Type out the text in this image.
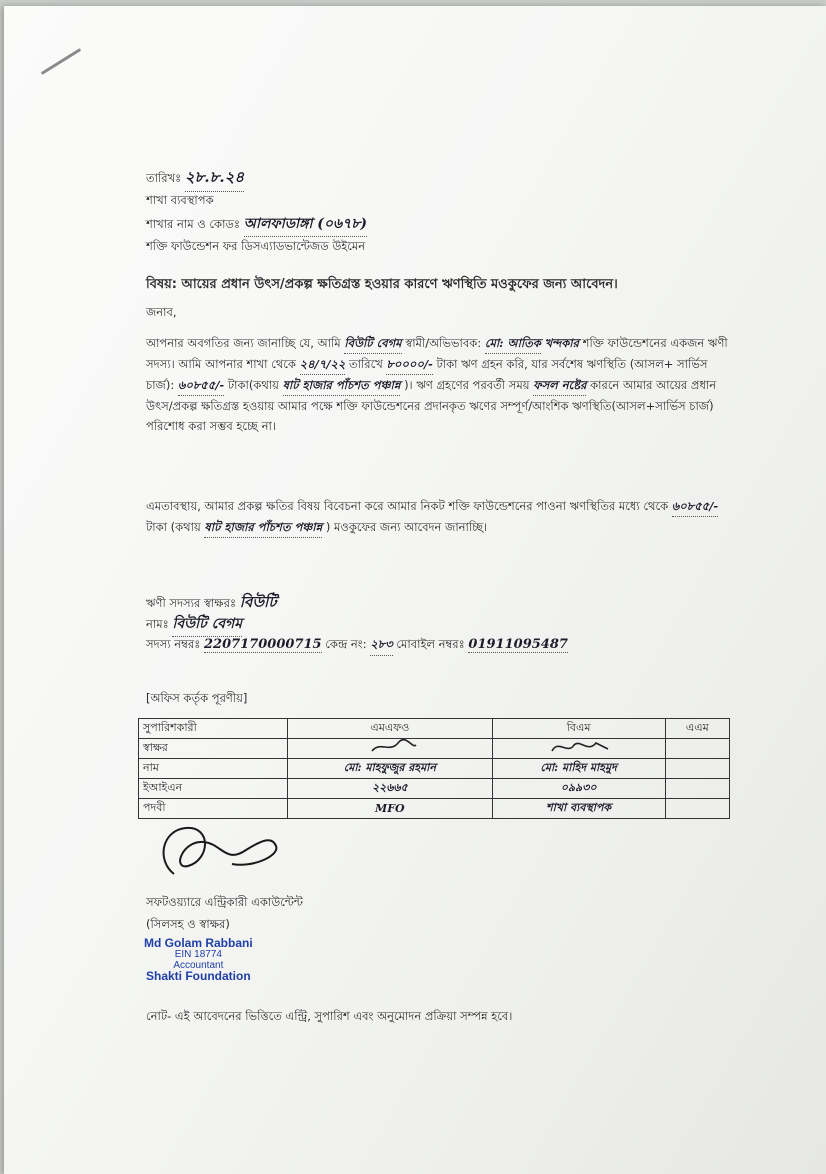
তারিখঃ ২৮.৮.২৪
শাখা ব্যবস্থাপক
শাখার নাম ও কোডঃ আলফাডাঙ্গা (০৬৭৮)
শক্তি ফাউন্ডেশন ফর ডিসএ্যাডভান্টেজড উইমেন
বিষয়: আয়ের প্রধান উৎস/প্রকল্প ক্ষতিগ্রস্ত হওয়ার কারণে ঋণস্থিতি মওকুফের জন্য আবেদন।
জনাব,
আপনার অবগতির জন্য জানাচ্ছি যে, আমি বিউটি বেগম স্বামী/অভিভাবক: মো: আতিক খন্দকার শক্তি ফাউন্ডেশনের একজন ঋণী সদস্য। আমি আপনার শাখা থেকে ২৪/৭/২২ তারিখে ৮০০০০/- টাকা ঋণ গ্রহন করি, যার সর্বশেষ ঋণস্থিতি (আসল+ সার্ভিস চার্জ): ৬০৮৫৫/- টাকা(কথায় ষাট হাজার পাঁচশত পঞ্চান্ন )। ঋণ গ্রহণের পরবর্তী সময় ফসল নষ্টের কারনে আমার আয়ের প্রধান উৎস/প্রকল্প ক্ষতিগ্রস্ত হওয়ায় আমার পক্ষে শক্তি ফাউন্ডেশনের প্রদানকৃত ঋণের সম্পূর্ণ/আংশিক ঋণস্থিতি(আসল+সার্ভিস চার্জ) পরিশোধ করা সম্ভব হচ্ছে না।
এমতাবস্থায়, আমার প্রকল্প ক্ষতির বিষয় বিবেচনা করে আমার নিকট শক্তি ফাউন্ডেশনের পাওনা ঋণস্থিতির মধ্যে থেকে ৬০৮৫৫/- টাকা (কথায় ষাট হাজার পাঁচশত পঞ্চান্ন ) মওকুফের জন্য আবেদন জানাচ্ছি।
ঋণী সদস্যর স্বাক্ষরঃ বিউটি
নামঃ বিউটি বেগম
সদস্য নম্বরঃ 2207170000715 কেন্দ্র নং: ২৮৩ মোবাইল নম্বরঃ 01911095487
[অফিস কর্তৃক পূরণীয়]
সুপারিশকারী	এমএফও	বিএম	এএম
স্বাক্ষর			
নাম	মো: মাহফুজুর রহমান	মো: মাহিদ মাহমুদ	
ইআইএন	২২৬৬৫	০৯৯৩০	
পদবী	MFO	শাখা ব্যবস্থাপক	
সফটওয়্যারে এন্ট্রিকারী একাউন্টেন্ট
(সিলসহ ও স্বাক্ষর)
Md Golam Rabbani
EIN 18774
Accountant
Shakti Foundation
নোট- এই আবেদনের ভিত্তিতে এন্ট্রি, সুপারিশ এবং অনুমোদন প্রক্রিয়া সম্পন্ন হবে।
